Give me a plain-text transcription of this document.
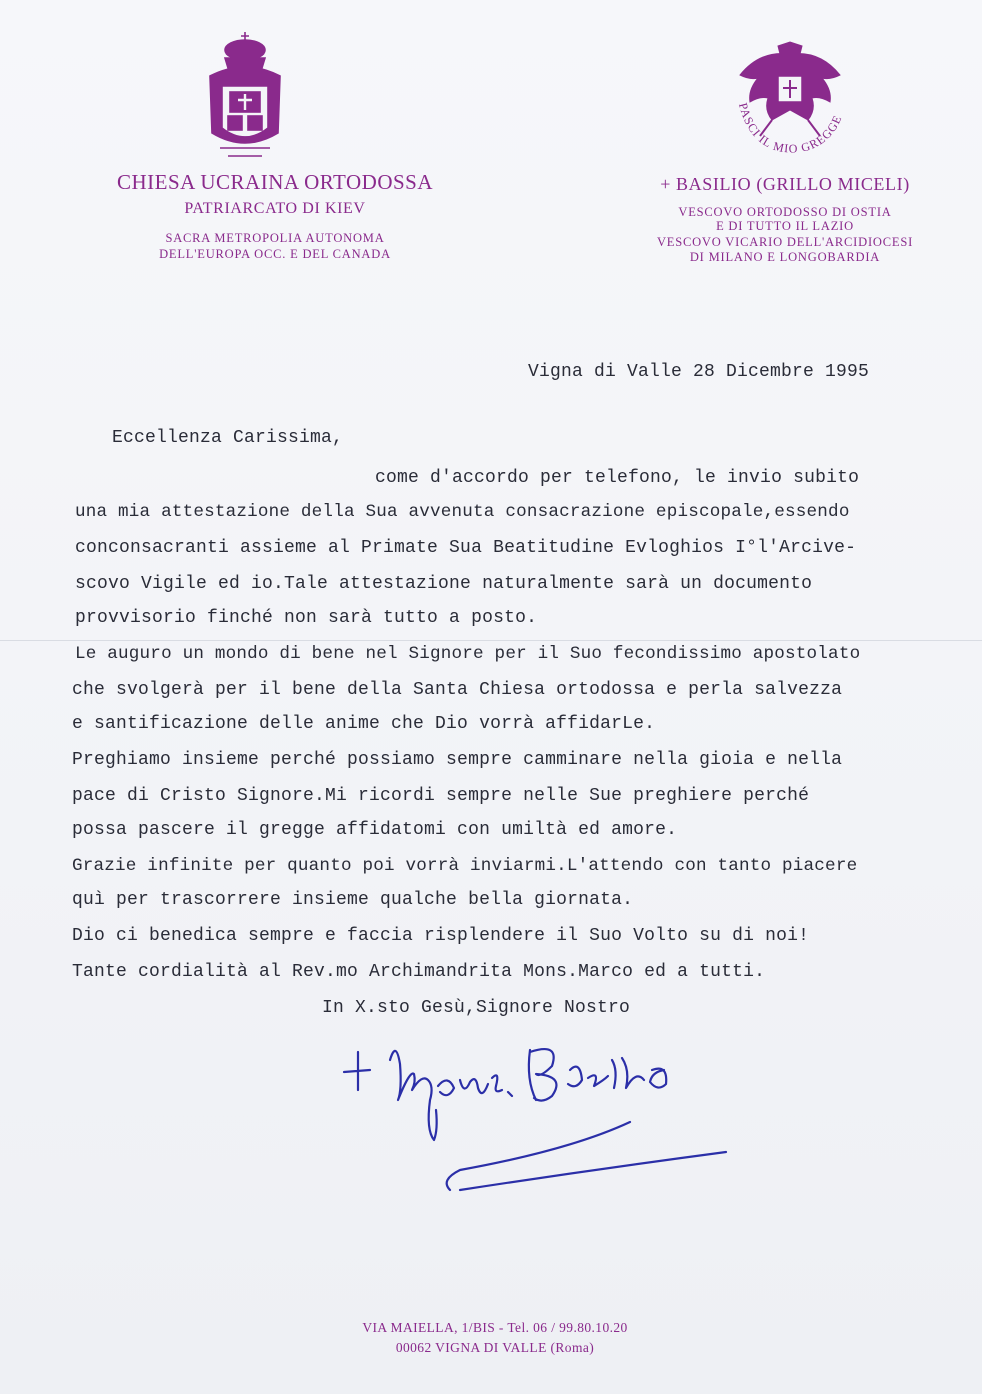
PASCI IL MIO GREGGE
CHIESA UCRAINA ORTODOSSA
PATRIARCATO DI KIEV
SACRA METROPOLIA AUTONOMA
DELL'EUROPA OCC. E DEL CANADA
+ BASILIO (GRILLO MICELI)
VESCOVO ORTODOSSO DI OSTIA
E DI TUTTO IL LAZIO
VESCOVO VICARIO DELL'ARCIDIOCESI
DI MILANO E LONGOBARDIA
Vigna di Valle 28 Dicembre 1995
Eccellenza Carissima,
come d'accordo per telefono, le invio subito
una mia attestazione della Sua avvenuta consacrazione episcopale,essendo
conconsacranti assieme al Primate Sua Beatitudine Evloghios I°l'Arcive-
scovo Vigile ed io.Tale attestazione naturalmente sarà un documento
provvisorio finché non sarà tutto a posto.
Le auguro un mondo di bene nel Signore per il Suo fecondissimo apostolato
che svolgerà per il bene della Santa Chiesa ortodossa e perla salvezza
e santificazione delle anime che Dio vorrà affidarLe.
Preghiamo insieme perché possiamo sempre camminare nella gioia e nella
pace di Cristo Signore.Mi ricordi sempre nelle Sue preghiere perché
possa pascere il gregge affidatomi con umiltà ed amore.
Grazie infinite per quanto poi vorrà inviarmi.L'attendo con tanto piacere
quì per trascorrere insieme qualche bella giornata.
Dio ci benedica sempre e faccia risplendere il Suo Volto su di noi!
Tante cordialità al Rev.mo Archimandrita Mons.Marco ed a tutti.
In X.sto Gesù,Signore Nostro
VIA MAIELLA, 1/BIS - Tel. 06 / 99.80.10.20
00062 VIGNA DI VALLE (Roma)
